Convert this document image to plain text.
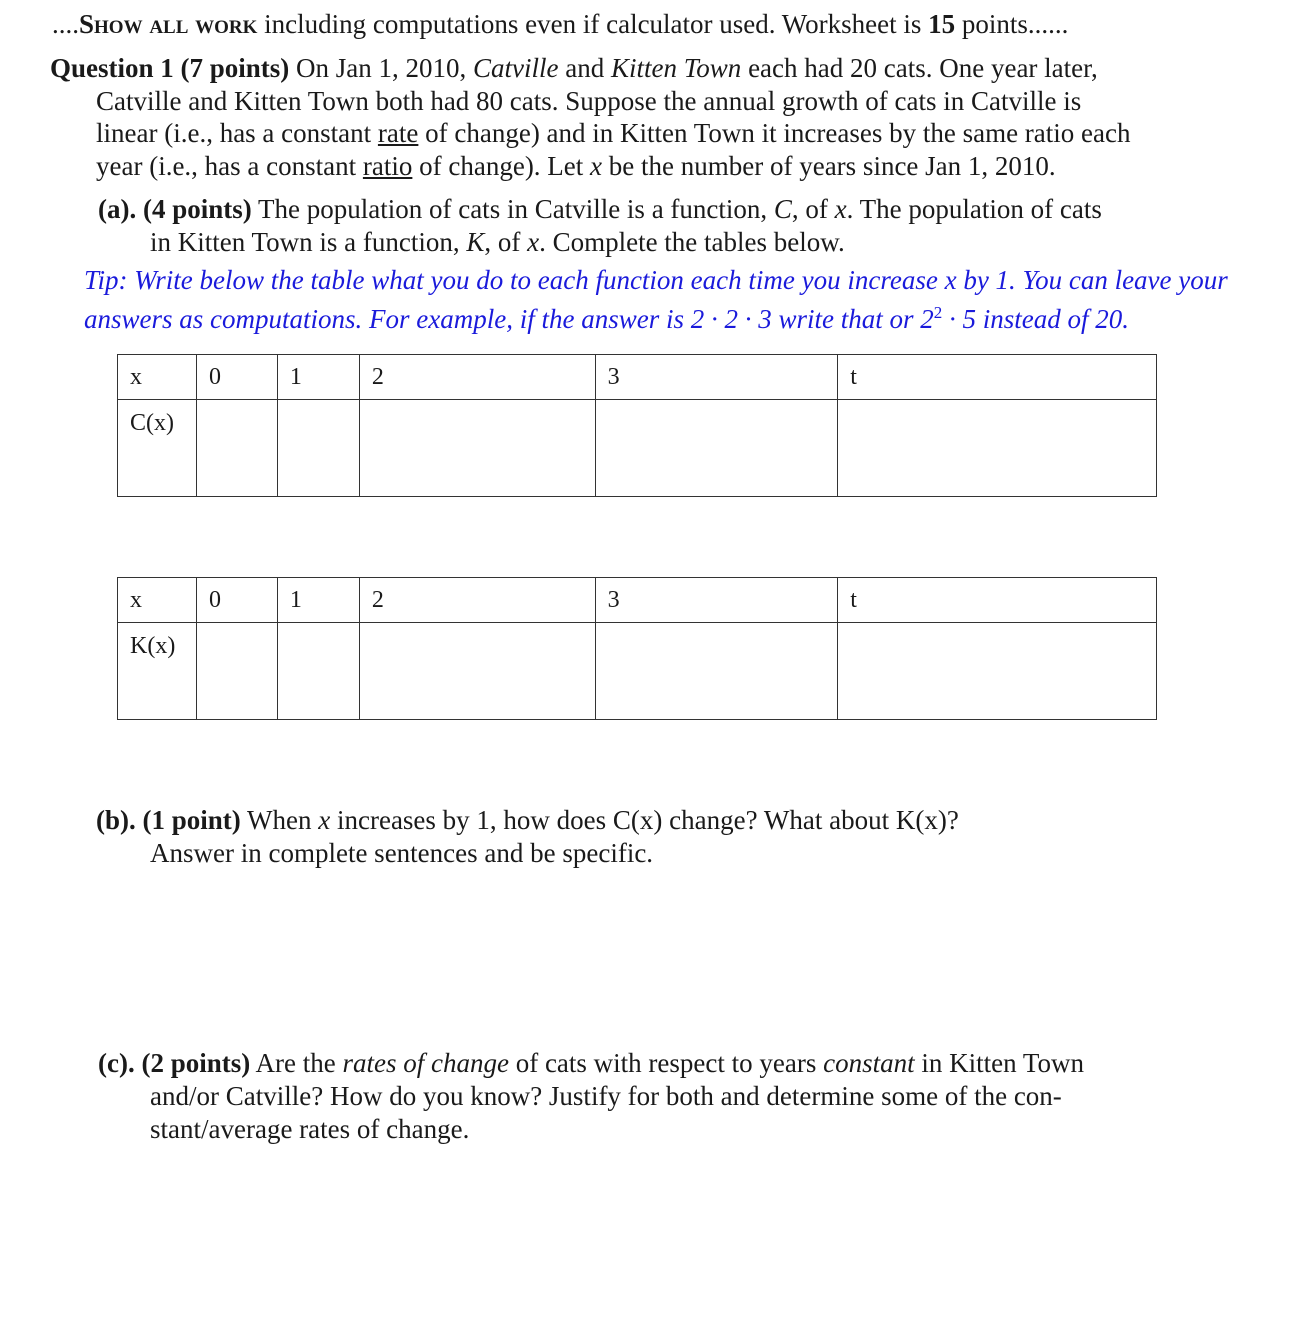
....Show all work including computations even if calculator used. Worksheet is 15 points......
Question 1 (7 points) On Jan 1, 2010, Catville and Kitten Town each had 20 cats. One year later,
Catville and Kitten Town both had 80 cats. Suppose the annual growth of cats in Catville is
linear (i.e., has a constant rate of change) and in Kitten Town it increases by the same ratio each
year (i.e., has a constant ratio of change). Let x be the number of years since Jan 1, 2010.
(a). (4 points) The population of cats in Catville is a function, C, of x. The population of cats
in Kitten Town is a function, K, of x. Complete the tables below.
Tip: Write below the table what you do to each function each time you increase x by 1. You can leave your
answers as computations. For example, if the answer is 2 · 2 · 3 write that or $2^2 \cdot 5$ instead of 20.
x	0	1	2	3	t
C(x)					
x	0	1	2	3	t
K(x)					
(b). (1 point) When x increases by 1, how does C(x) change? What about K(x)?
Answer in complete sentences and be specific.
(c). (2 points) Are the rates of change of cats with respect to years constant in Kitten Town
and/or Catville? How do you know? Justify for both and determine some of the con-
stant/average rates of change.
